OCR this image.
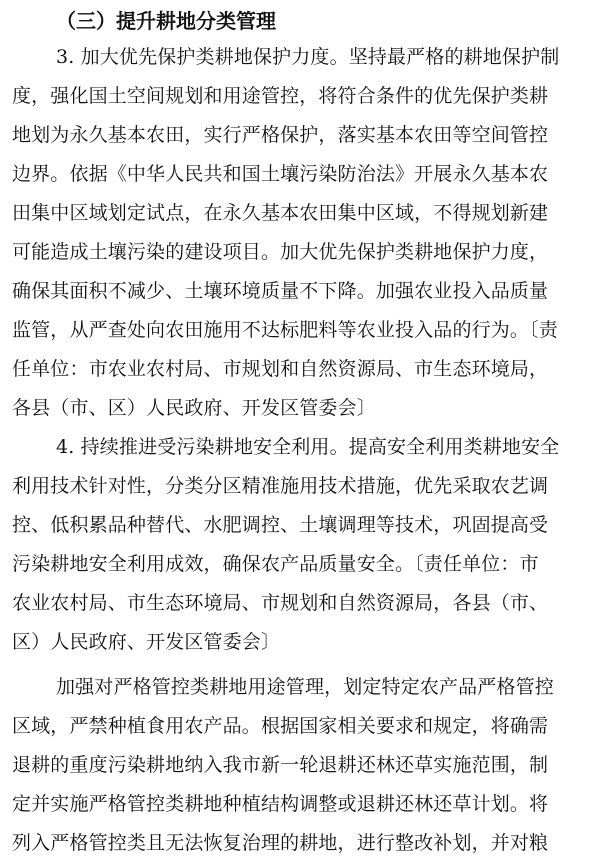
（三）提升耕地分类管理
3. 加大优先保护类耕地保护力度。坚持最严格的耕地保护制
度，强化国土空间规划和用途管控，将符合条件的优先保护类耕
地划为永久基本农田，实行严格保护，落实基本农田等空间管控
边界。依据《中华人民共和国土壤污染防治法》开展永久基本农
田集中区域划定试点，在永久基本农田集中区域，不得规划新建
可能造成土壤污染的建设项目。加大优先保护类耕地保护力度，
确保其面积不减少、土壤环境质量不下降。加强农业投入品质量
监管，从严查处向农田施用不达标肥料等农业投入品的行为。〔责
任单位：市农业农村局、市规划和自然资源局、市生态环境局，
各县（市、区）人民政府、开发区管委会〕
4. 持续推进受污染耕地安全利用。提高安全利用类耕地安全
利用技术针对性，分类分区精准施用技术措施，优先采取农艺调
控、低积累品种替代、水肥调控、土壤调理等技术，巩固提高受
污染耕地安全利用成效，确保农产品质量安全。〔责任单位：市
农业农村局、市生态环境局、市规划和自然资源局，各县（市、
区）人民政府、开发区管委会〕
加强对严格管控类耕地用途管理，划定特定农产品严格管控
区域，严禁种植食用农产品。根据国家相关要求和规定，将确需
退耕的重度污染耕地纳入我市新一轮退耕还林还草实施范围，制
定并实施严格管控类耕地种植结构调整或退耕还林还草计划。将
列入严格管控类且无法恢复治理的耕地，进行整改补划，并对粮
